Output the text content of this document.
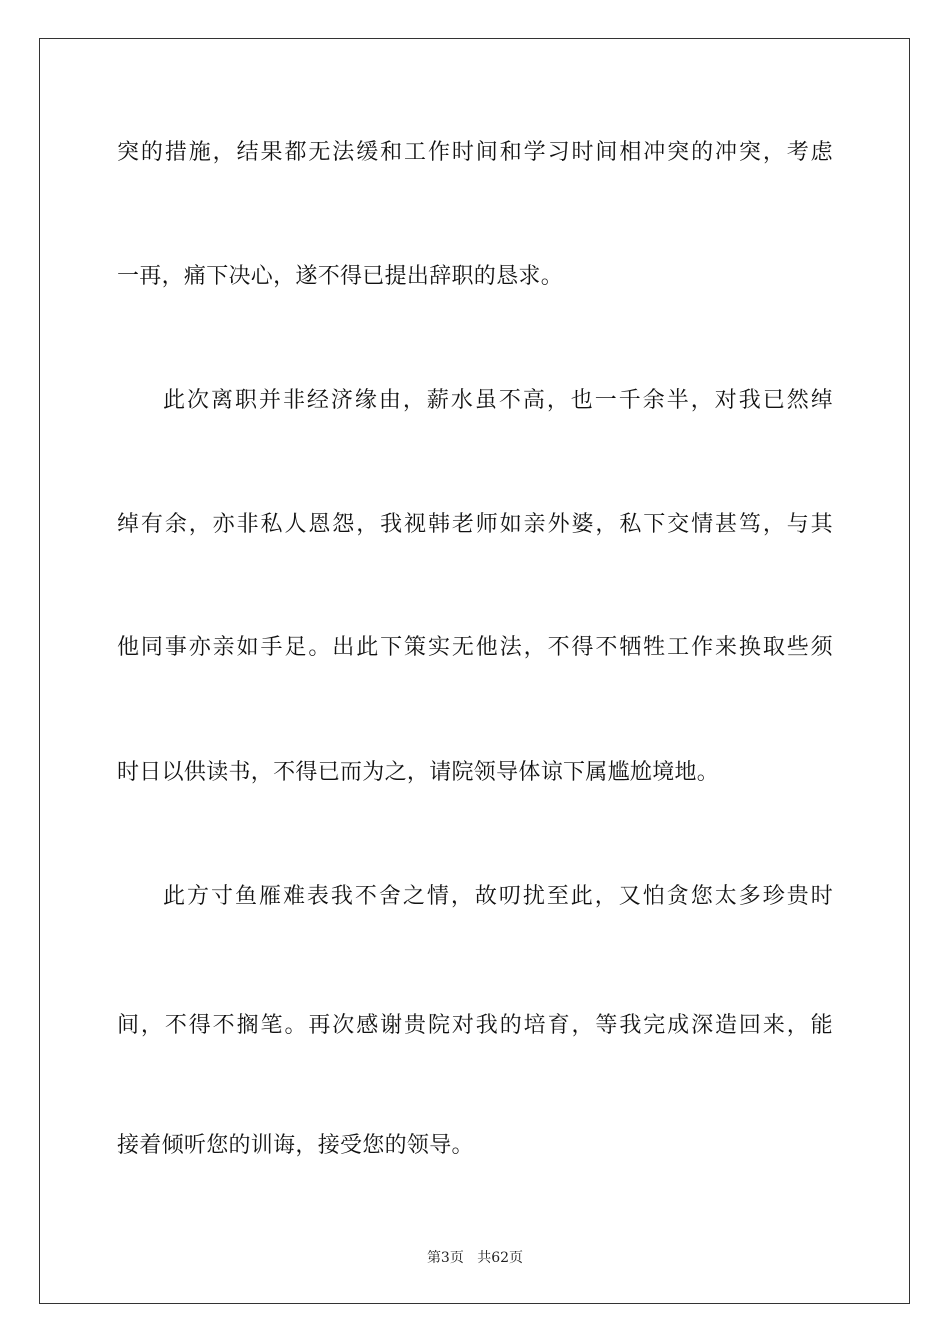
突的措施，结果都无法缓和工作时间和学习时间相冲突的冲突，考虑
一再，痛下决心，遂不得已提出辞职的恳求。
此次离职并非经济缘由，薪水虽不高，也一千余半，对我已然绰
绰有余，亦非私人恩怨，我视韩老师如亲外婆，私下交情甚笃，与其
他同事亦亲如手足。出此下策实无他法，不得不牺牲工作来换取些须
时日以供读书，不得已而为之，请院领导体谅下属尴尬境地。
此方寸鱼雁难表我不舍之情，故叨扰至此，又怕贪您太多珍贵时
间，不得不搁笔。再次感谢贵院对我的培育，等我完成深造回来，能
接着倾听您的训诲，接受您的领导。
第3页 共62页
